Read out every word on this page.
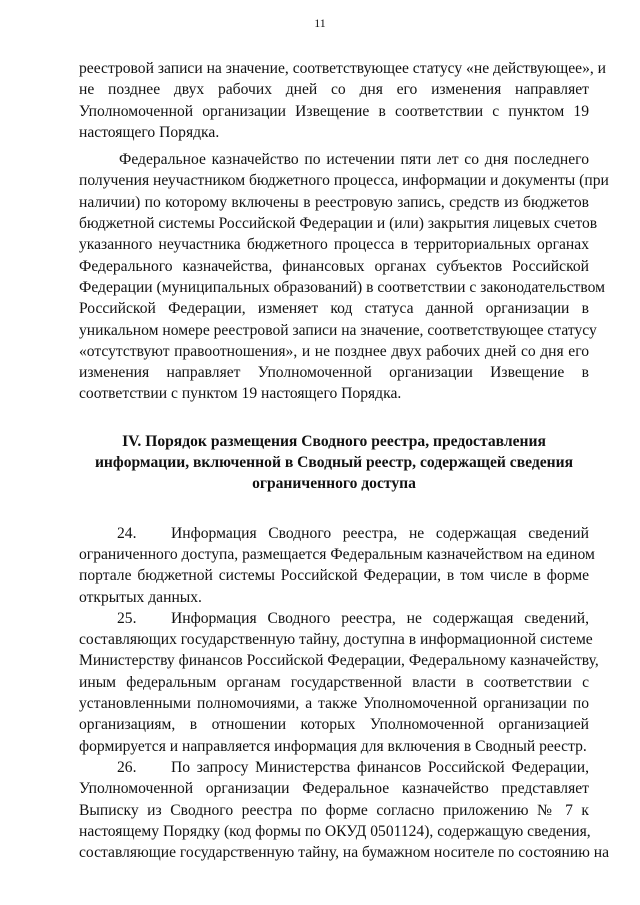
11
реестровой записи на значение, соответствующее статусу «не действующее», и
не позднее двух рабочих дней со дня его изменения направляет
Уполномоченной организации Извещение в соответствии с пунктом 19
настоящего Порядка.
Федеральное казначейство по истечении пяти лет со дня последнего
получения неучастником бюджетного процесса, информации и документы (при
наличии) по которому включены в реестровую запись, средств из бюджетов
бюджетной системы Российской Федерации и (или) закрытия лицевых счетов
указанного неучастника бюджетного процесса в территориальных органах
Федерального казначейства, финансовых органах субъектов Российской
Федерации (муниципальных образований) в соответствии с законодательством
Российской Федерации, изменяет код статуса данной организации в
уникальном номере реестровой записи на значение, соответствующее статусу
«отсутствуют правоотношения», и не позднее двух рабочих дней со дня его
изменения направляет Уполномоченной организации Извещение в
соответствии с пунктом 19 настоящего Порядка.
IV. Порядок размещения Сводного реестра, предоставления
информации, включенной в Сводный реестр, содержащей сведения
ограниченного доступа
24. Информация Сводного реестра, не содержащая сведений
ограниченного доступа, размещается Федеральным казначейством на едином
портале бюджетной системы Российской Федерации, в том числе в форме
открытых данных.
25. Информация Сводного реестра, не содержащая сведений,
составляющих государственную тайну, доступна в информационной системе
Министерству финансов Российской Федерации, Федеральному казначейству,
иным федеральным органам государственной власти в соответствии с
установленными полномочиями, а также Уполномоченной организации по
организациям, в отношении которых Уполномоченной организацией
формируется и направляется информация для включения в Сводный реестр.
26. По запросу Министерства финансов Российской Федерации,
Уполномоченной организации Федеральное казначейство представляет
Выписку из Сводного реестра по форме согласно приложению № 7 к
настоящему Порядку (код формы по ОКУД 0501124), содержащую сведения,
составляющие государственную тайну, на бумажном носителе по состоянию на
